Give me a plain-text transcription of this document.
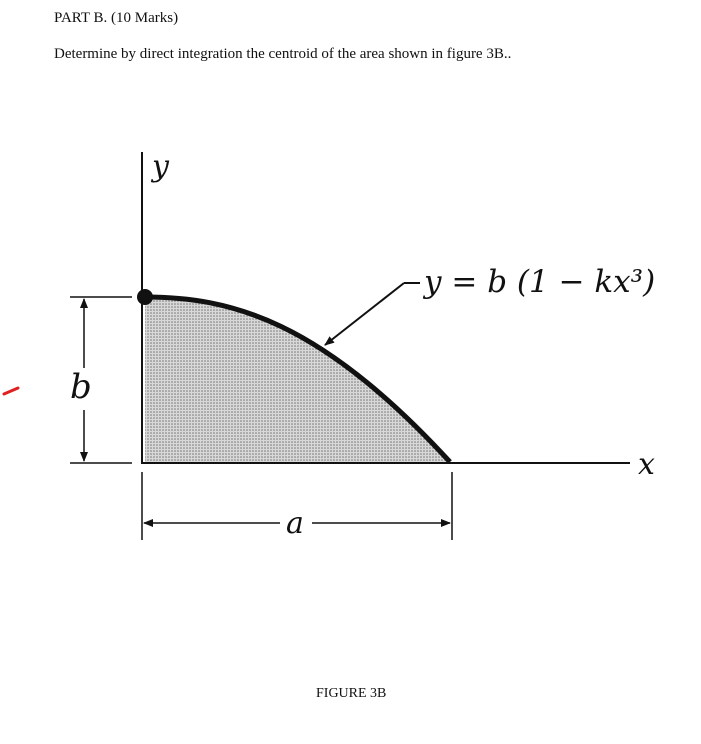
PART B. (10 Marks)
Determine by direct integration the centroid of the area shown in figure 3B..
y
x
b
a
y = b (1 − kx³)
FIGURE 3B
